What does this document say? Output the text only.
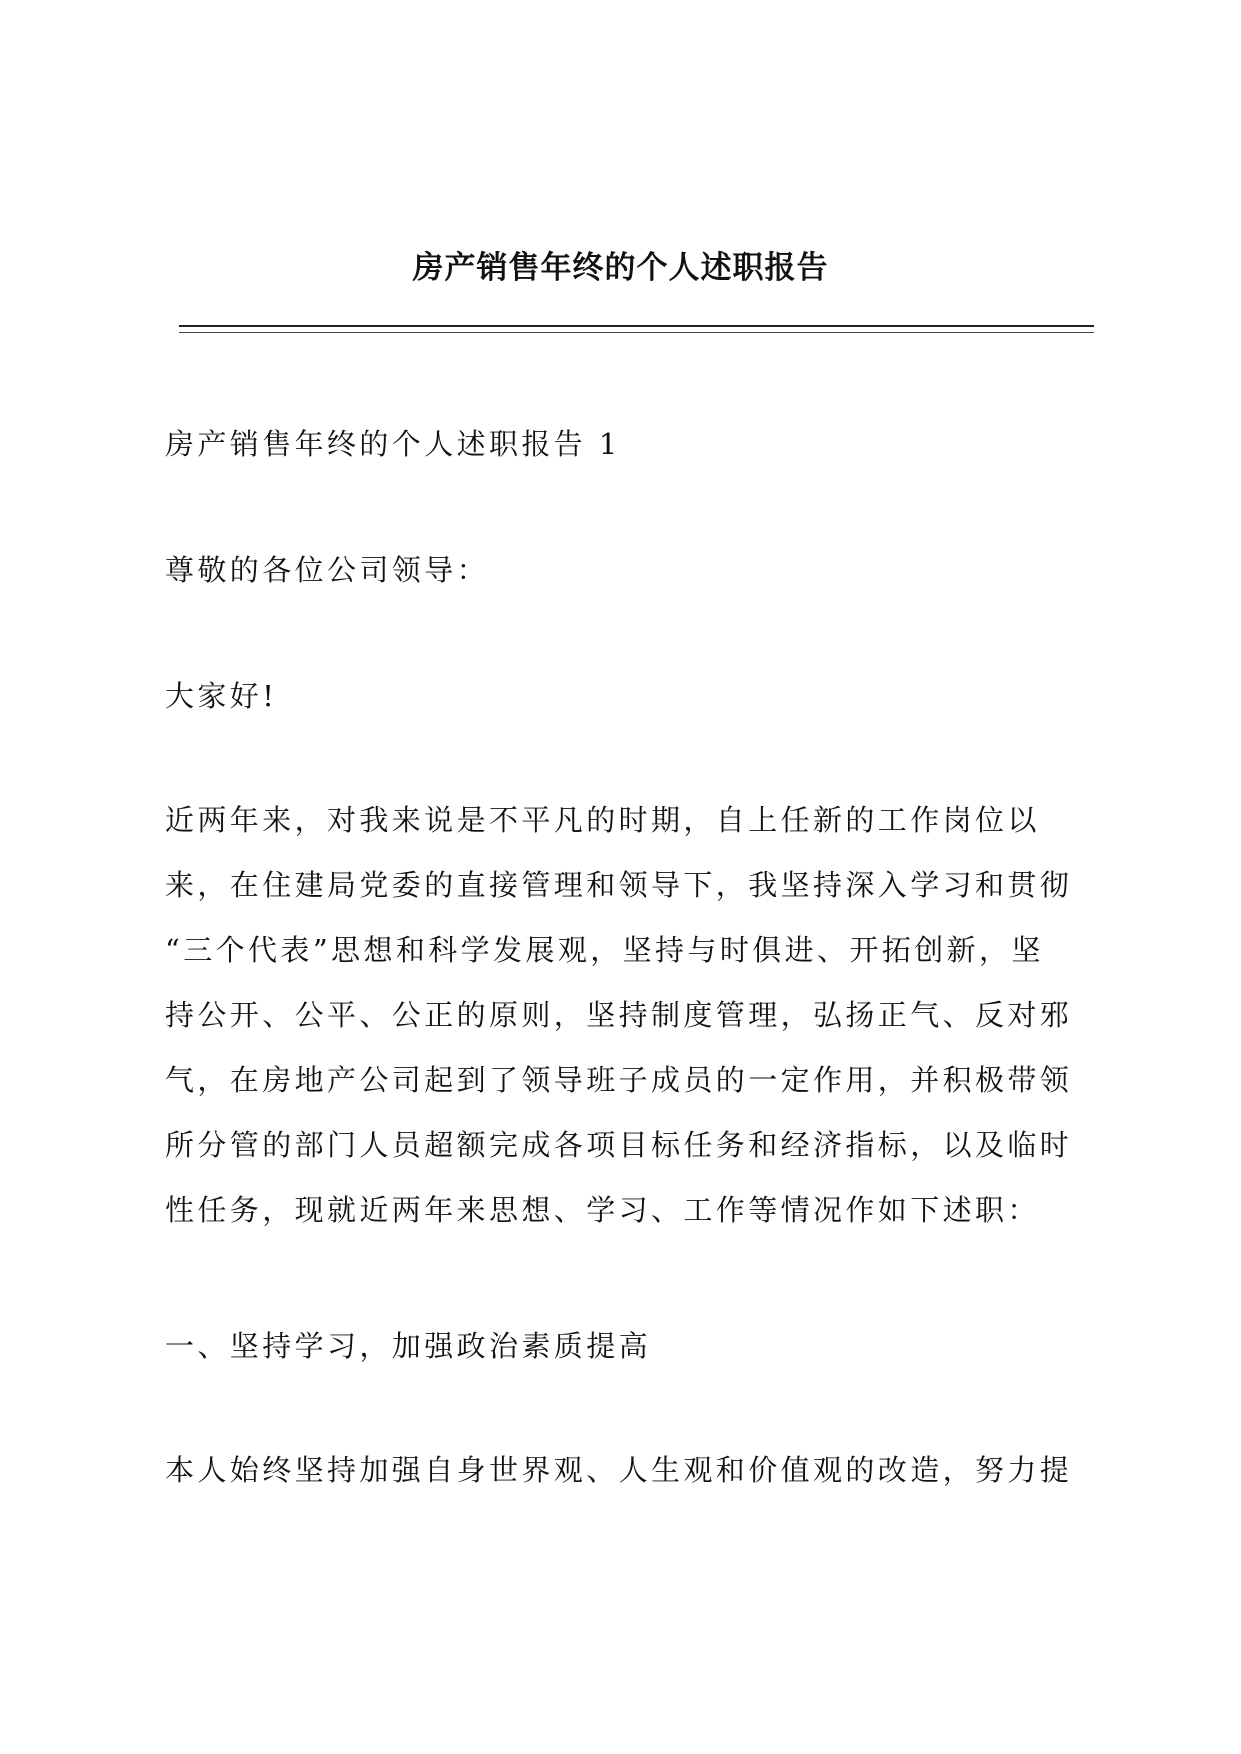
房产销售年终的个人述职报告

房产销售年终的个人述职报告 1

尊敬的各位公司领导：

大家好!

近两年来，对我来说是不平凡的时期，自上任新的工作岗位以
来，在住建局党委的直接管理和领导下，我坚持深入学习和贯彻
“三个代表”思想和科学发展观，坚持与时俱进、开拓创新，坚
持公开、公平、公正的原则，坚持制度管理，弘扬正气、反对邪
气，在房地产公司起到了领导班子成员的一定作用，并积极带领
所分管的部门人员超额完成各项目标任务和经济指标，以及临时
性任务，现就近两年来思想、学习、工作等情况作如下述职：

一、坚持学习，加强政治素质提高

本人始终坚持加强自身世界观、人生观和价值观的改造，努力提
